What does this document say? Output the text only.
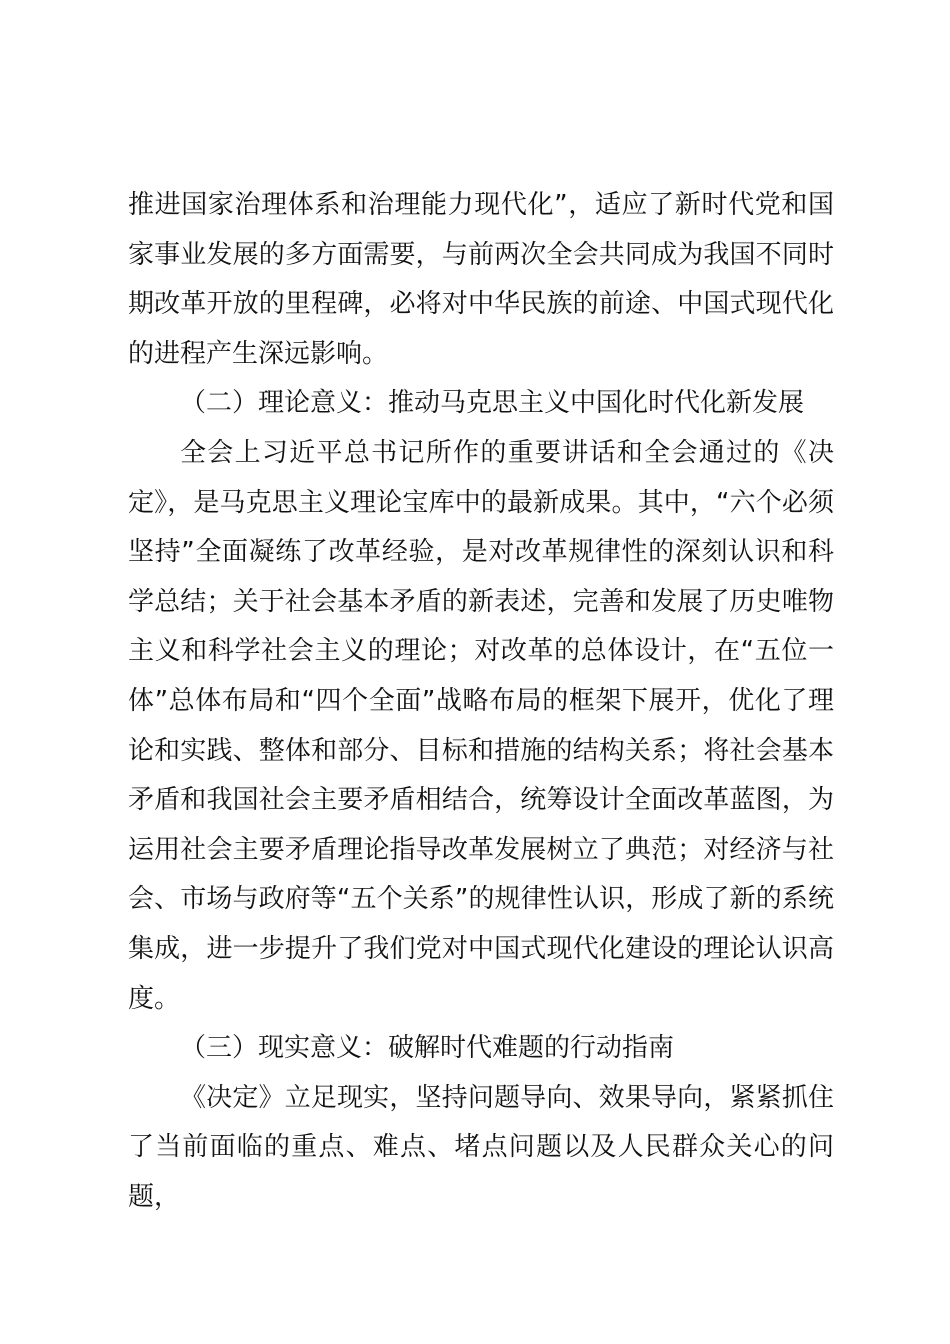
推进国家治理体系和治理能力现代化”，适应了新时代党和国家事业发展的多方面需要，与前两次全会共同成为我国不同时期改革开放的里程碑，必将对中华民族的前途、中国式现代化的进程产生深远影响。

（二）理论意义：推动马克思主义中国化时代化新发展

全会上习近平总书记所作的重要讲话和全会通过的《决定》，是马克思主义理论宝库中的最新成果。其中，“六个必须坚持”全面凝练了改革经验，是对改革规律性的深刻认识和科学总结；关于社会基本矛盾的新表述，完善和发展了历史唯物主义和科学社会主义的理论；对改革的总体设计，在“五位一体”总体布局和“四个全面”战略布局的框架下展开，优化了理论和实践、整体和部分、目标和措施的结构关系；将社会基本矛盾和我国社会主要矛盾相结合，统筹设计全面改革蓝图，为运用社会主要矛盾理论指导改革发展树立了典范；对经济与社会、市场与政府等“五个关系”的规律性认识，形成了新的系统集成，进一步提升了我们党对中国式现代化建设的理论认识高度。

（三）现实意义：破解时代难题的行动指南

《决定》立足现实，坚持问题导向、效果导向，紧紧抓住了当前面临的重点、难点、堵点问题以及人民群众关心的问题，
